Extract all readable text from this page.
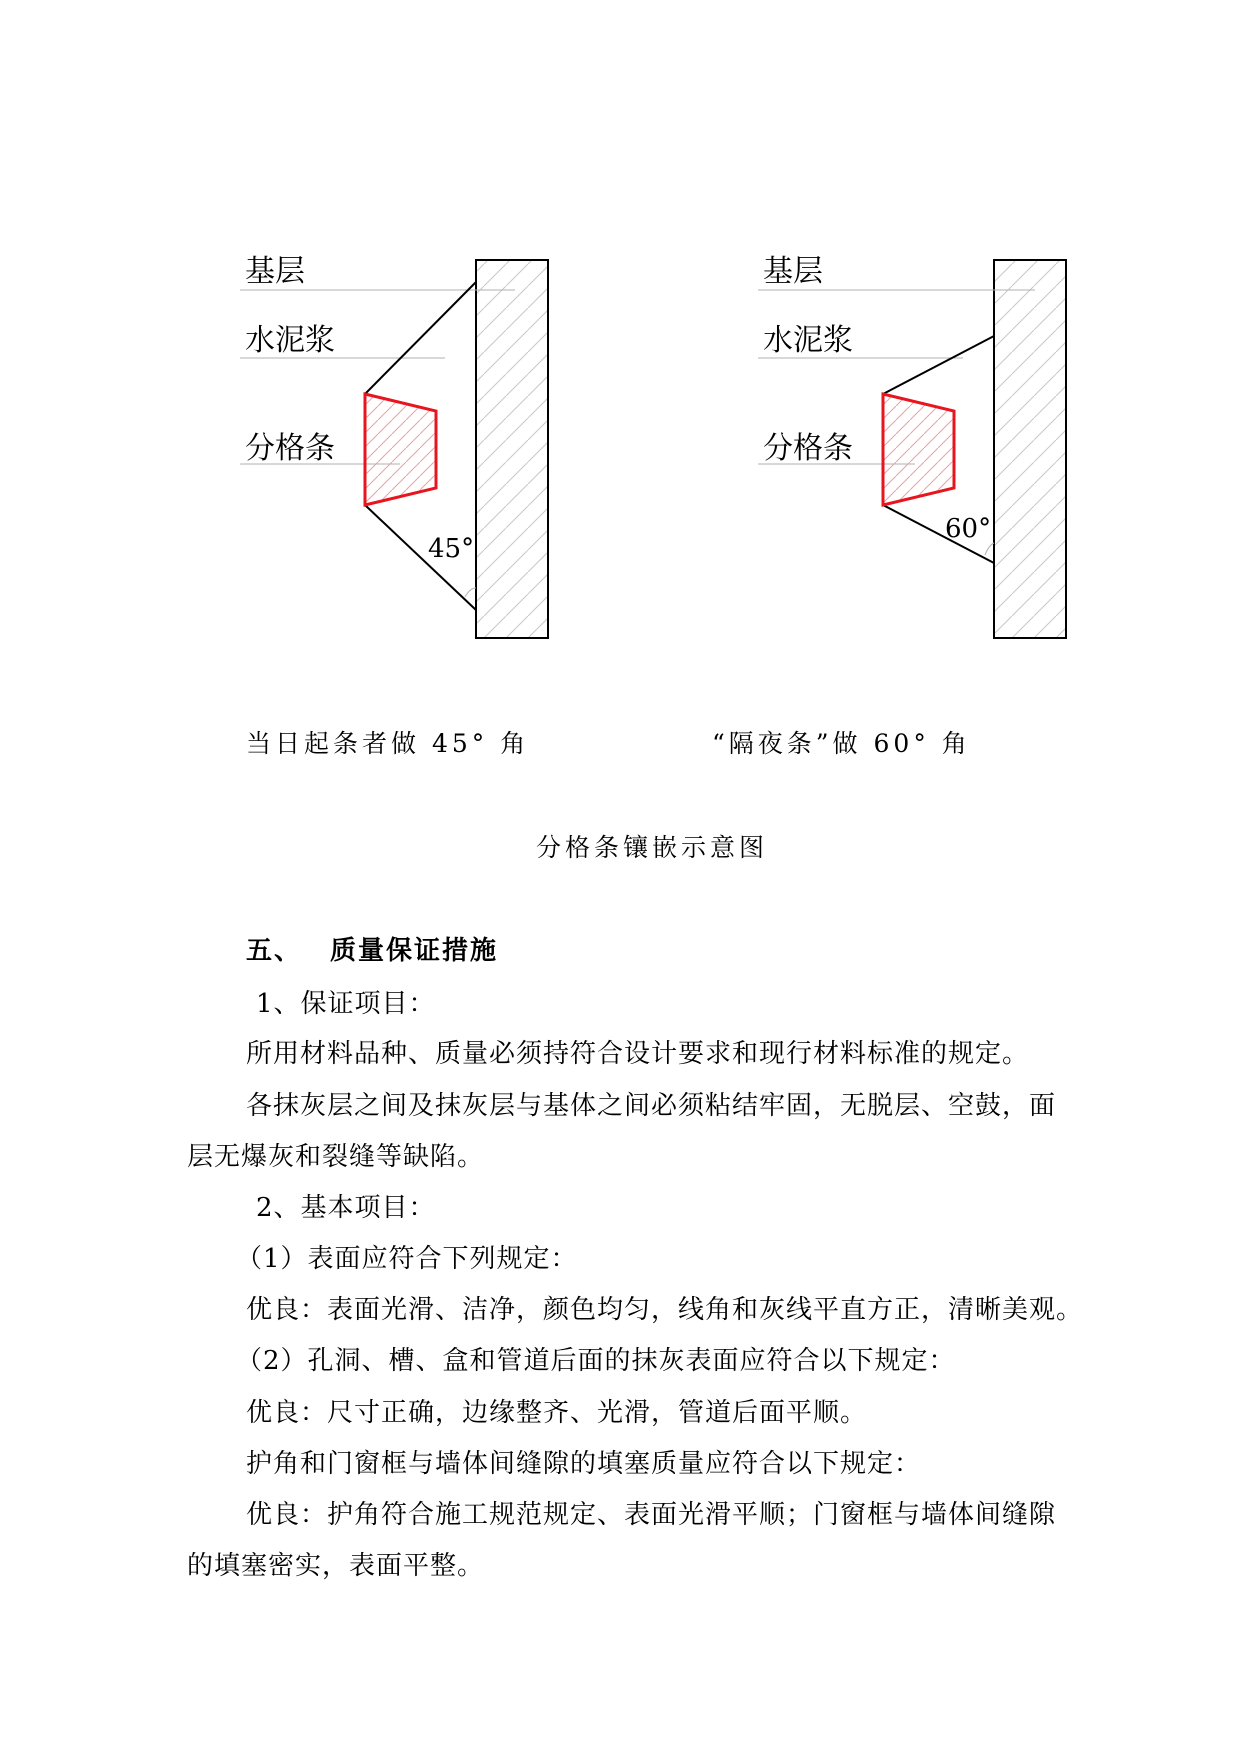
基层
水泥浆
分格条
45°
基层
水泥浆
分格条
60°
当日起条者做 45° 角	“隔夜条”做 60° 角
分格条镶嵌示意图
五、 质量保证措施
1、保证项目：
所用材料品种、质量必须持符合设计要求和现行材料标准的规定。
各抹灰层之间及抹灰层与基体之间必须粘结牢固，无脱层、空鼓，面
层无爆灰和裂缝等缺陷。
2、基本项目：
（1）表面应符合下列规定：
优良：表面光滑、洁净，颜色均匀，线角和灰线平直方正，清晰美观。
（2）孔洞、槽、盒和管道后面的抹灰表面应符合以下规定：
优良：尺寸正确，边缘整齐、光滑，管道后面平顺。
护角和门窗框与墙体间缝隙的填塞质量应符合以下规定：
优良：护角符合施工规范规定、表面光滑平顺；门窗框与墙体间缝隙
的填塞密实，表面平整。
